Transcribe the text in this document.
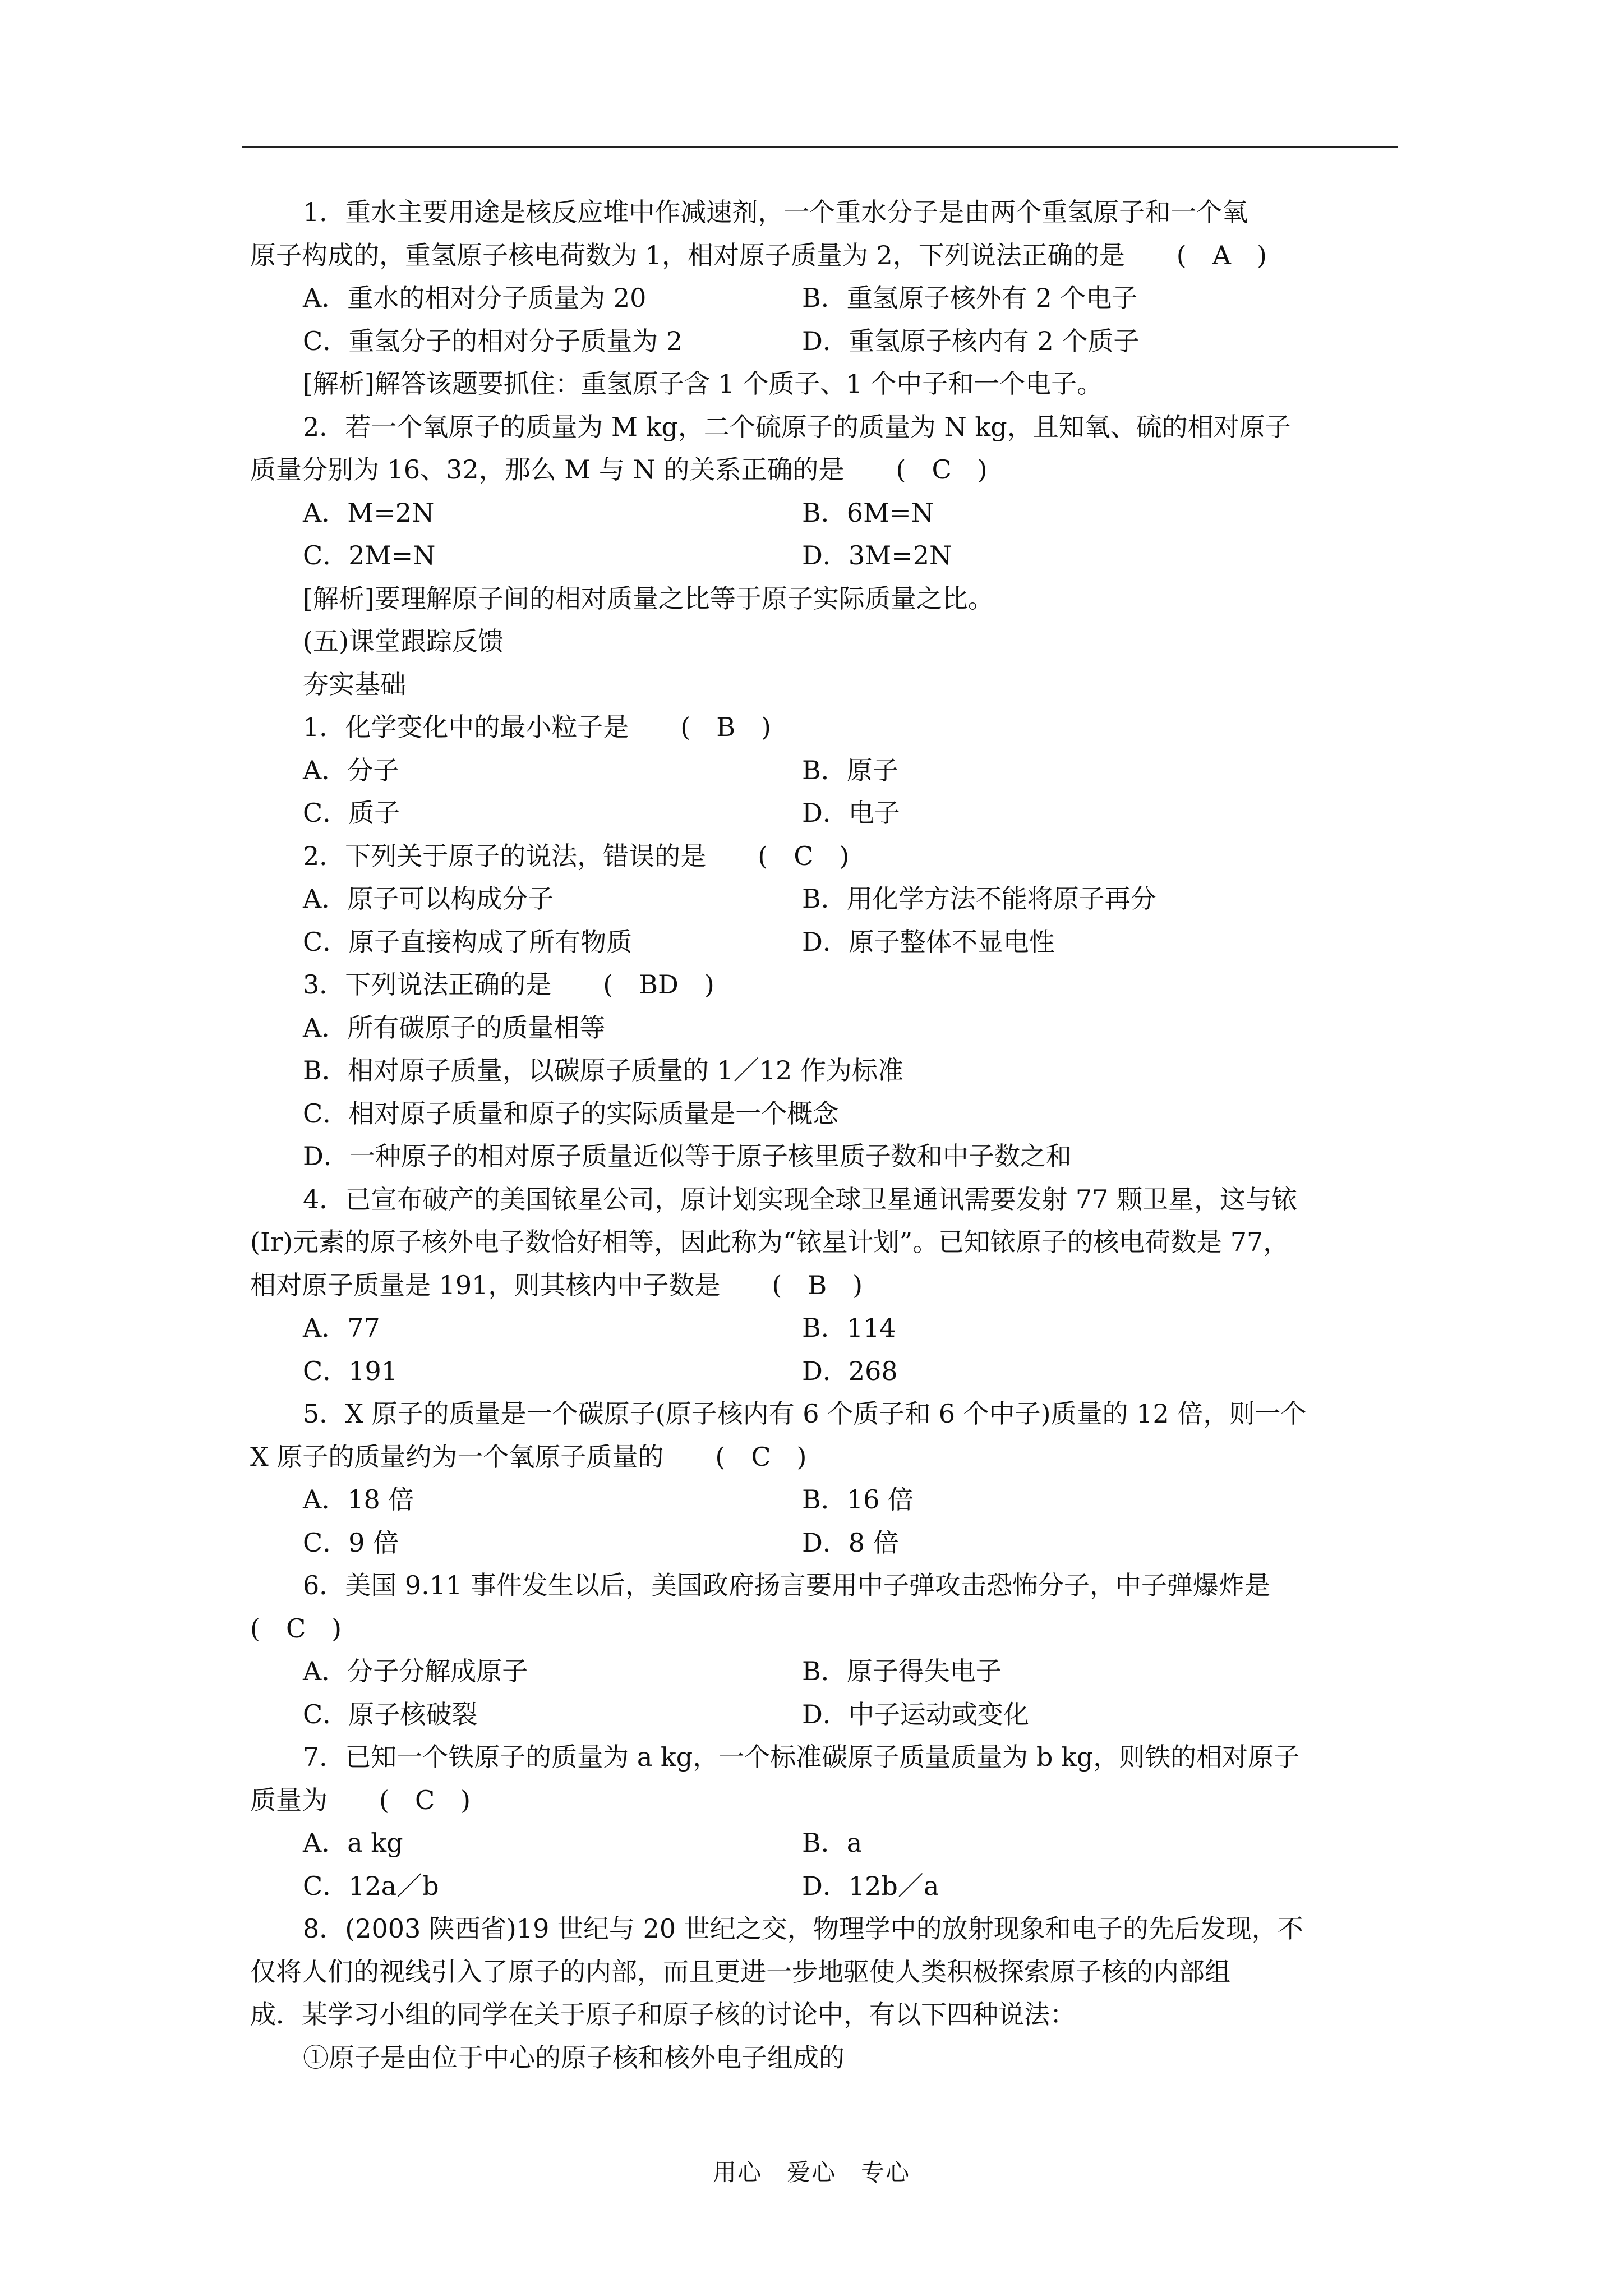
1．重水主要用途是核反应堆中作减速剂，一个重水分子是由两个重氢原子和一个氧
原子构成的，重氢原子核电荷数为 1，相对原子质量为 2，下列说法正确的是　　(　A　)
A．重水的相对分子质量为 20	B．重氢原子核外有 2 个电子
C．重氢分子的相对分子质量为 2	D．重氢原子核内有 2 个质子
[解析]解答该题要抓住：重氢原子含 1 个质子、1 个中子和一个电子。
2．若一个氧原子的质量为 M kg，二个硫原子的质量为 N kg，且知氧、硫的相对原子
质量分别为 16、32，那么 M 与 N 的关系正确的是　　(　C　)
A．M=2N	B．6M=N
C．2M=N	D．3M=2N
[解析]要理解原子间的相对质量之比等于原子实际质量之比。
(五)课堂跟踪反馈
夯实基础
1．化学变化中的最小粒子是　　(　B　)
A．分子	B．原子
C．质子	D．电子
2．下列关于原子的说法，错误的是　　(　C　)
A．原子可以构成分子	B．用化学方法不能将原子再分
C．原子直接构成了所有物质	D．原子整体不显电性
3．下列说法正确的是　　(　BD　)
A．所有碳原子的质量相等
B．相对原子质量，以碳原子质量的 1／12 作为标准
C．相对原子质量和原子的实际质量是一个概念
D．一种原子的相对原子质量近似等于原子核里质子数和中子数之和
4．已宣布破产的美国铱星公司，原计划实现全球卫星通讯需要发射 77 颗卫星，这与铱
(Ir)元素的原子核外电子数恰好相等，因此称为“铱星计划”。已知铱原子的核电荷数是 77，
相对原子质量是 191，则其核内中子数是　　(　B　)
A．77	B．114
C．191	D．268
5．X 原子的质量是一个碳原子(原子核内有 6 个质子和 6 个中子)质量的 12 倍，则一个
X 原子的质量约为一个氧原子质量的　　(　C　)
A．18 倍	B．16 倍
C．9 倍	D．8 倍
6．美国 9.11 事件发生以后，美国政府扬言要用中子弹攻击恐怖分子，中子弹爆炸是
(　C　)
A．分子分解成原子	B．原子得失电子
C．原子核破裂	D．中子运动或变化
7．已知一个铁原子的质量为 a kg，一个标准碳原子质量质量为 b kg，则铁的相对原子
质量为　　(　C　)
A．a kg	B．a
C．12a／b	D．12b／a
8．(2003 陕西省)19 世纪与 20 世纪之交，物理学中的放射现象和电子的先后发现，不
仅将人们的视线引入了原子的内部，而且更进一步地驱使人类积极探索原子核的内部组
成．某学习小组的同学在关于原子和原子核的讨论中，有以下四种说法：
①原子是由位于中心的原子核和核外电子组成的
用心　爱心　专心
